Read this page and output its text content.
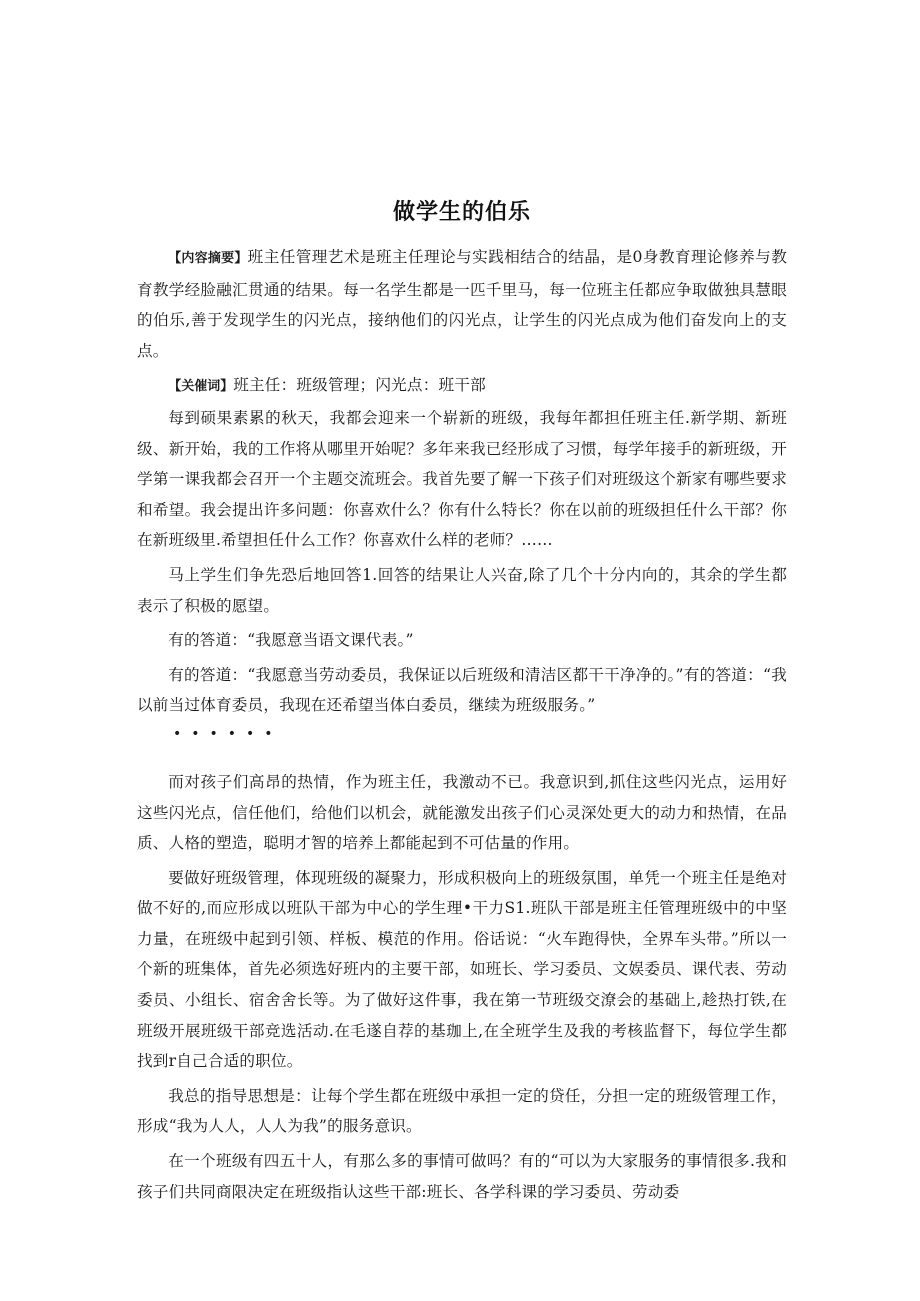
做学生的伯乐

【内容摘要】班主任管理艺术是班主任理论与实践相结合的结晶，是0身教育理论修养与教育教学经脸融汇贯通的结果。每一名学生都是一匹千里马，每一位班主任都应争取做独具慧眼的伯乐,善于发现学生的闪光点，接纳他们的闪光点，让学生的闪光点成为他们奋发向上的支点。

【关催词】班主任：班级管理；闪光点：班干部

每到硕果素累的秋天，我都会迎来一个崭新的班级，我每年都担任班主任.新学期、新班级、新开始，我的工作将从哪里开始呢？多年来我已经形成了习惯，每学年接手的新班级，开学第一课我都会召开一个主题交流班会。我首先要了解一下孩子们对班级这个新家有哪些要求和希望。我会提出许多问题：你喜欢什么？你有什么特长？你在以前的班级担任什么干部？你在新班级里.希望担任什么工作？你喜欢什么样的老师？……

马上学生们争先恐后地回答1.回答的结果让人兴奋,除了几个十分内向的，其余的学生都表示了积极的愿望。

有的答道：“我愿意当语文课代表。”

有的答道：“我愿意当劳动委员，我保证以后班级和清洁区都干干净净的。”有的答道：“我以前当过体育委员，我现在还希望当体白委员，继续为班级服务。”

••••••

而对孩子们高昂的热情，作为班主任，我激动不已。我意识到,抓住这些闪光点，运用好这些闪光点，信任他们，给他们以机会，就能激发出孩子们心灵深处更大的动力和热情，在品质、人格的塑造，聪明才智的培养上都能起到不可估量的作用。

要做好班级管理，体现班级的凝聚力，形成积极向上的班级氛围，单凭一个班主任是绝对做不好的,而应形成以班队干部为中心的学生理•干力S1.班队干部是班主任管理班级中的中坚力量，在班级中起到引领、样板、模范的作用。俗话说：“火车跑得快，全界车头带。”所以一个新的班集体，首先必须选好班内的主要干部，如班长、学习委员、文娱委员、课代表、劳动委员、小组长、宿舍舍长等。为了做好这件事，我在第一节班级交潦会的基础上,趁热打铁,在班级开展班级干部竞选活动.在毛遂自荐的基珈上,在全班学生及我的考核监督下，每位学生都找到r自己合适的职位。

我总的指导思想是：让每个学生都在班级中承担一定的贷任，分担一定的班级管理工作，形成“我为人人，人人为我”的服务意识。

在一个班级有四五十人，有那么多的事情可做吗？有的“可以为大家服务的事情很多.我和孩子们共同商限决定在班级指认这些干部:班长、各学科课的学习委员、劳动委
